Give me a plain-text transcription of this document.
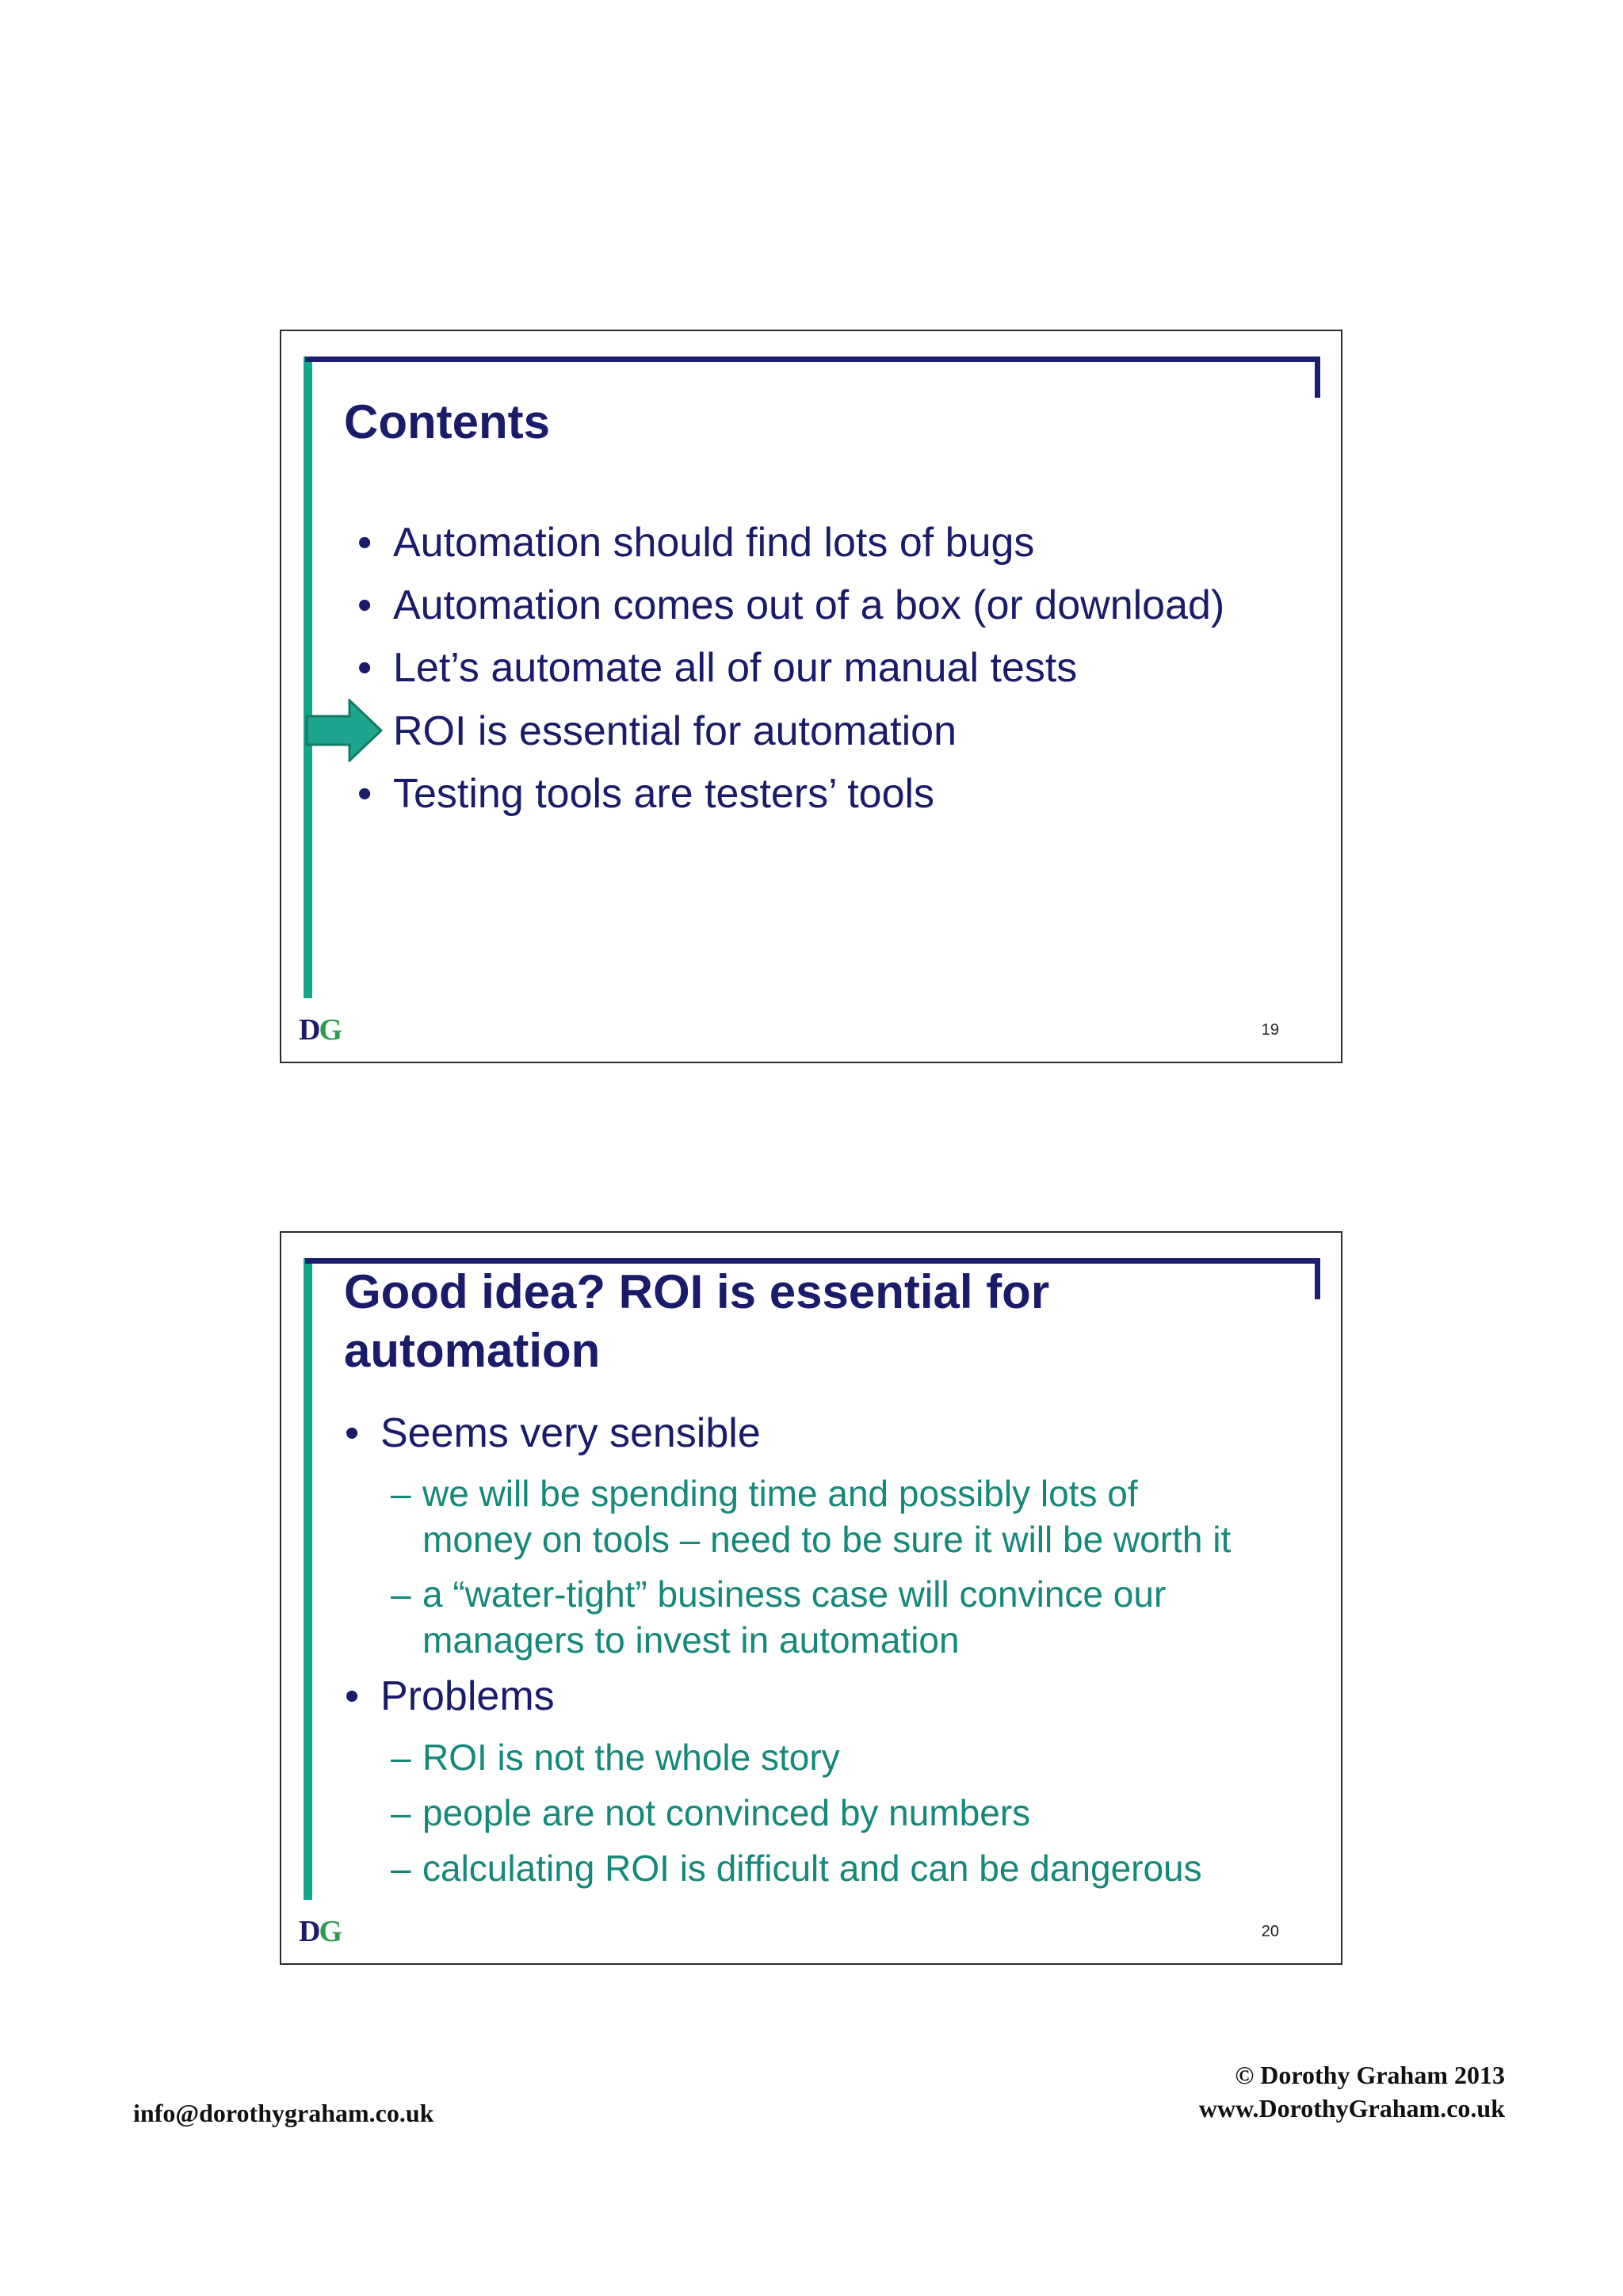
Contents
• Automation should find lots of bugs
• Automation comes out of a box (or download)
• Let’s automate all of our manual tests
ROI is essential for automation
• Testing tools are testers’ tools
DG	19
Good idea? ROI is essential for
automation
• Seems very sensible
– we will be spending time and possibly lots of
money on tools – need to be sure it will be worth it
– a “water-tight” business case will convince our
managers to invest in automation
• Problems
– ROI is not the whole story
– people are not convinced by numbers
– calculating ROI is difficult and can be dangerous
DG	20
info@dorothygraham.co.uk
© Dorothy Graham 2013
www.DorothyGraham.co.uk
